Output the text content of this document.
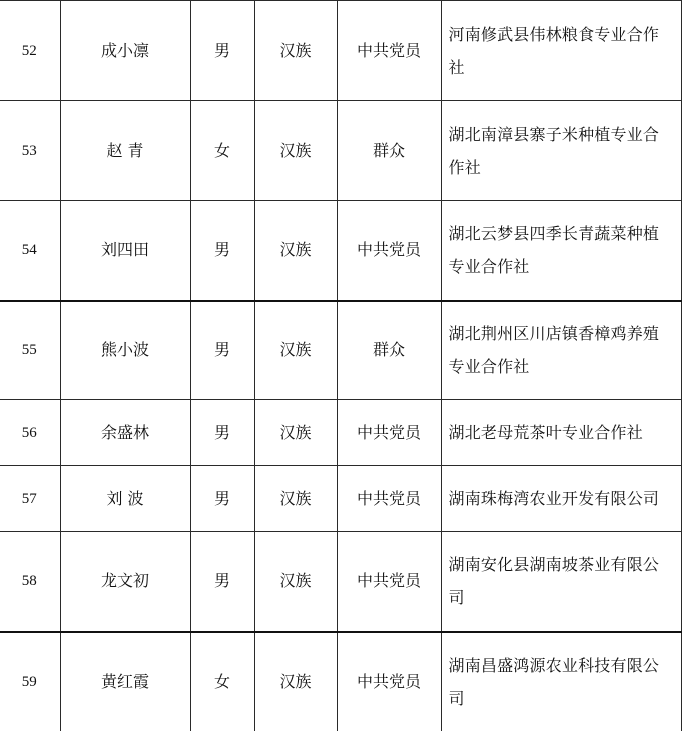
52	成小凛	男	汉族	中共党员	河南修武县伟林粮食专业合作社
53	赵 青	女	汉族	群众	湖北南漳县寨子米种植专业合作社
54	刘四田	男	汉族	中共党员	湖北云梦县四季长青蔬菜种植专业合作社
55	熊小波	男	汉族	群众	湖北荆州区川店镇香樟鸡养殖专业合作社
56	余盛林	男	汉族	中共党员	湖北老母荒茶叶专业合作社
57	刘 波	男	汉族	中共党员	湖南珠梅湾农业开发有限公司
58	龙文初	男	汉族	中共党员	湖南安化县湖南坡茶业有限公司
59	黄红霞	女	汉族	中共党员	湖南昌盛鸿源农业科技有限公司
